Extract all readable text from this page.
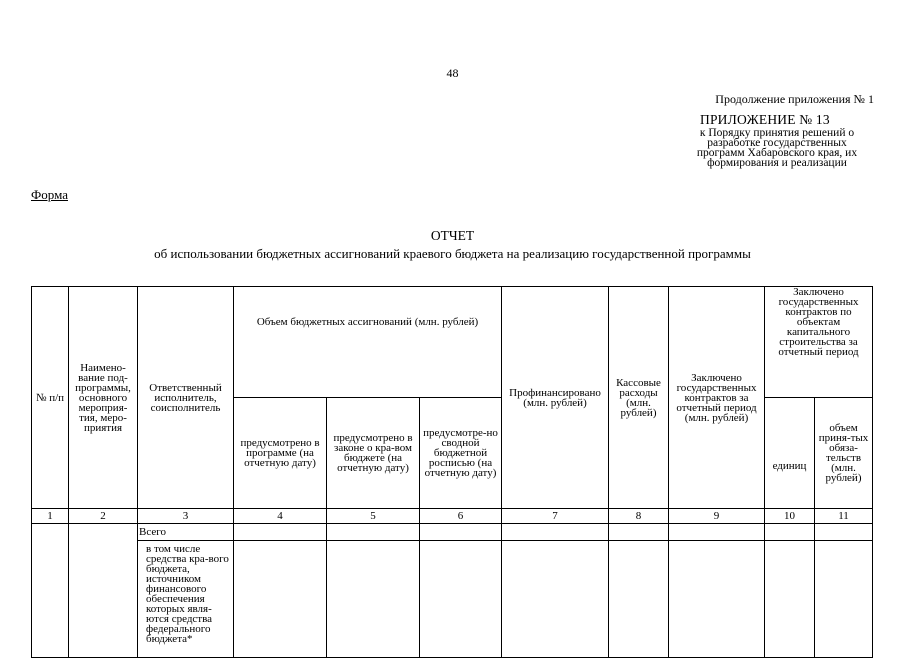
48
Продолжение приложения № 1
ПРИЛОЖЕНИЕ № 13
к Порядку принятия решений о разработке государственных программ Хабаровского края, их формирования и реализации
Форма
ОТЧЕТ
об использовании бюджетных ассигнований краевого бюджета на реализацию государственной программы
№ п/п	Наимено-вание под-программы, основного мероприя-тия, меро-приятия	Ответственный исполнитель, соисполнитель	Объем бюджетных ассигнований (млн. рублей)			Профинансировано (млн. рублей)	Кассовые расходы (млн. рублей)	Заключено государственных контрактов за отчетный период (млн. рублей)	Заключено государственных контрактов по объектам капитального строительства за отчетный период	
			предусмотрено в программе (на отчетную дату)	предусмотрено в законе о кра-вом бюджете (на отчетную дату)	предусмотре-но сводной бюджетной росписью (на отчетную дату)				единиц	объем приня-тых обяза-тельств (млн. рублей)
1	2	3	4	5	6	7	8	9	10	11
		Всего								
		в том числе средства кра-вого бюджета, источником финансового обеспечения которых явля-ются средства федерального бюджета*								
